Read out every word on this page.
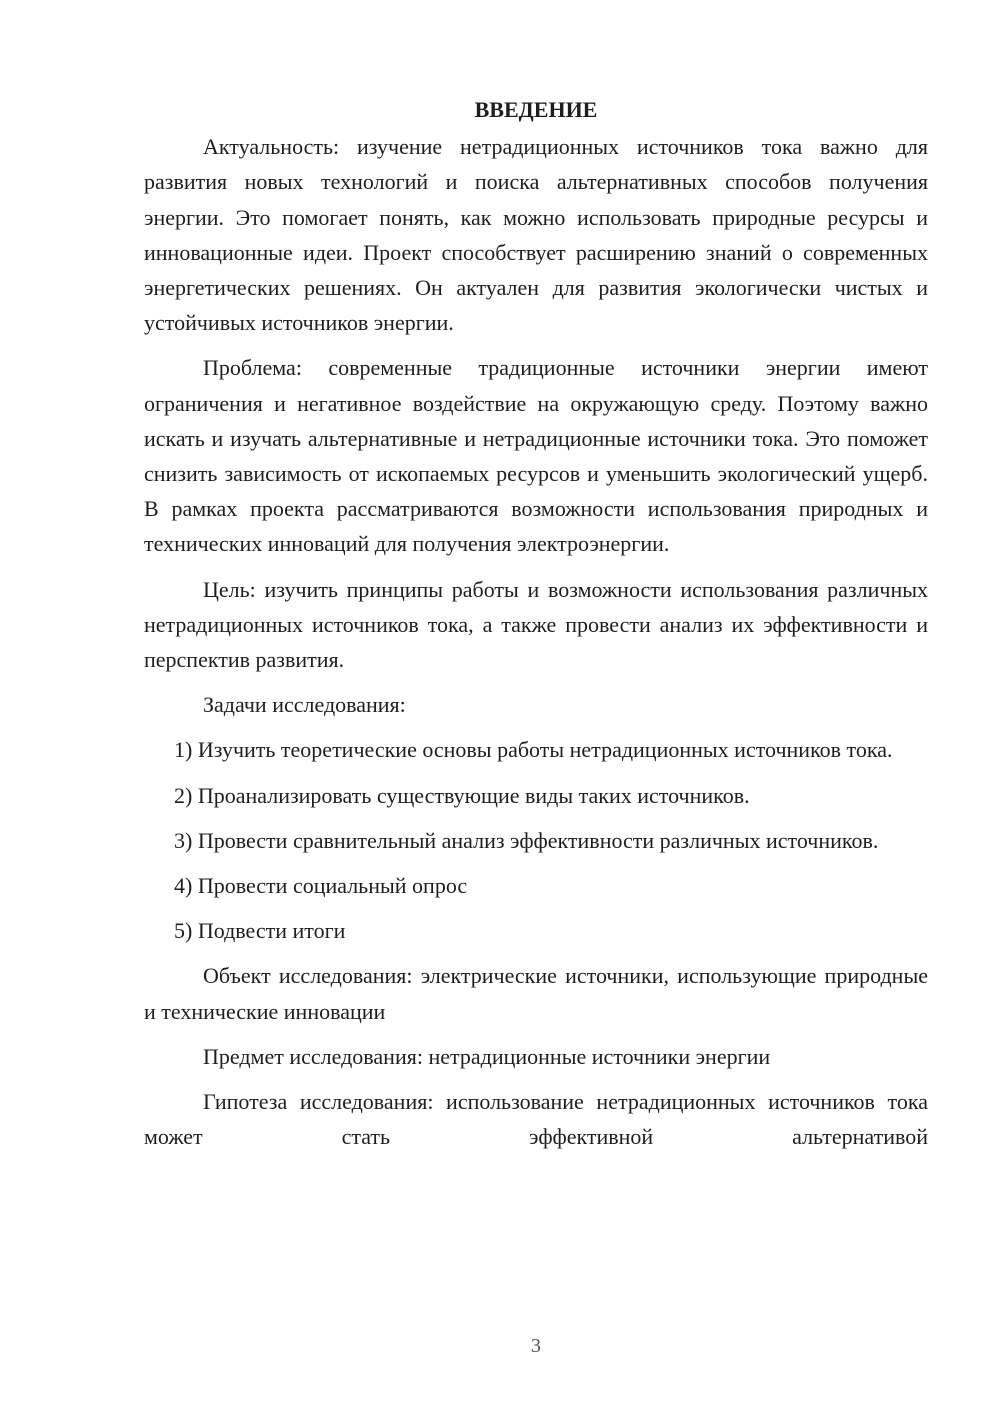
ВВЕДЕНИЕ

Актуальность: изучение нетрадиционных источников тока важно для развития новых технологий и поиска альтернативных способов получения энергии. Это помогает понять, как можно использовать природные ресурсы и инновационные идеи. Проект способствует расширению знаний о современных энергетических решениях. Он актуален для развития экологически чистых и устойчивых источников энергии.

Проблема: современные традиционные источники энергии имеют ограничения и негативное воздействие на окружающую среду. Поэтому важно искать и изучать альтернативные и нетрадиционные источники тока. Это поможет снизить зависимость от ископаемых ресурсов и уменьшить экологический ущерб. В рамках проекта рассматриваются возможности использования природных и технических инноваций для получения электроэнергии.

Цель: изучить принципы работы и возможности использования различных нетрадиционных источников тока, а также провести анализ их эффективности и перспектив развития.

Задачи исследования:

1) Изучить теоретические основы работы нетрадиционных источников тока.

2) Проанализировать существующие виды таких источников.

3) Провести сравнительный анализ эффективности различных источников.

4) Провести социальный опрос

5) Подвести итоги

Объект исследования: электрические источники, использующие природные и технические инновации

Предмет исследования: нетрадиционные источники энергии

Гипотеза исследования: использование нетрадиционных источников тока может стать эффективной альтернативой

3
